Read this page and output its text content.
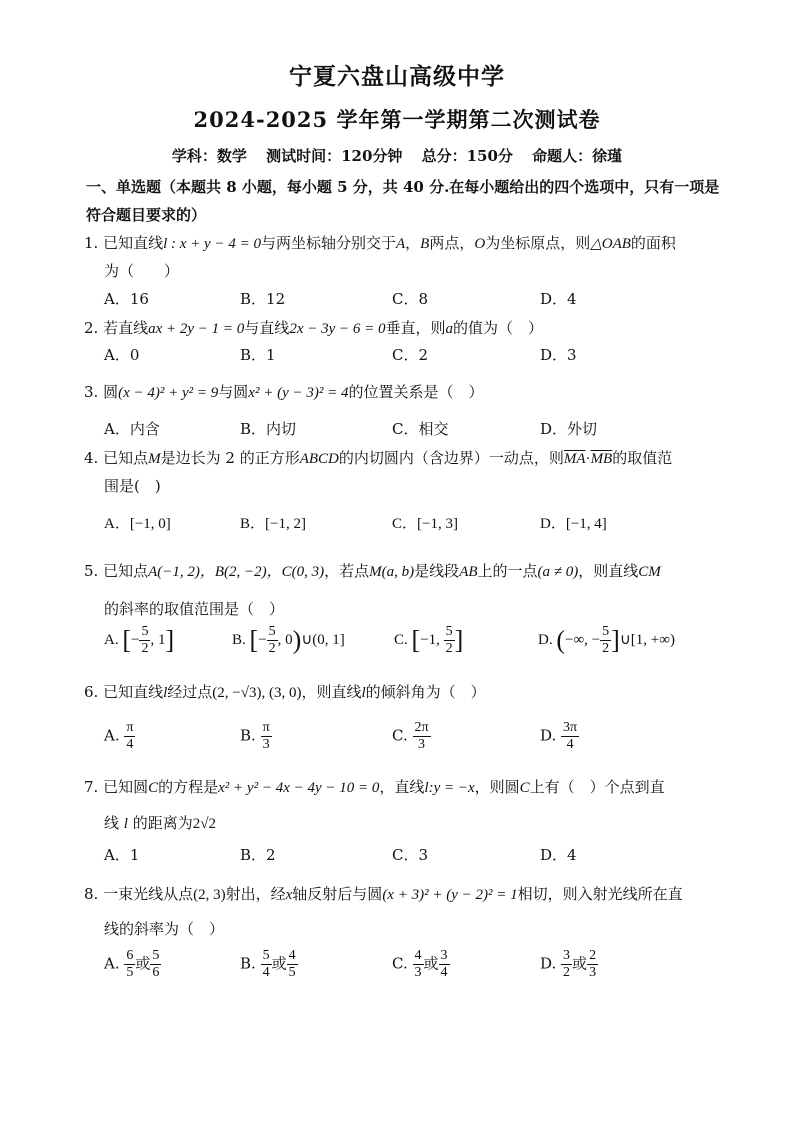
宁夏六盘山高级中学
2024-2025 学年第一学期第二次测试卷
学科：数学 测试时间：120分钟 总分：150分 命题人：徐瑾
一、单选题（本题共 8 小题，每小题 5 分，共 40 分.在每小题给出的四个选项中，只有一项是符合题目要求的）
1. 已知直线l : x + y − 4 = 0与两坐标轴分别交于A，B两点，O为坐标原点，则△OAB的面积
为（　　）
A．16	B．12	C．8	D．4
2. 若直线ax + 2y − 1 = 0与直线2x − 3y − 6 = 0垂直，则a的值为（　）
A．0	B．1	C．2	D．3
3. 圆(x − 4)² + y² = 9与圆x² + (y − 3)² = 4的位置关系是（　）
A．内含	B．内切	C．相交	D．外切
4. 已知点M是边长为 2 的正方形ABCD的内切圆内（含边界）一动点，则$\overline{MA}\cdot\overline{MB}$的取值范
围是(　)
A．[−1, 0]	B．[−1, 2]	C．[−1, 3]	D．[−1, 4]
5. 已知点A(−1, 2)，B(2, −2)，C(0, 3)，若点M(a, b)是线段AB上的一点(a ≠ 0)，则直线CM
的斜率的取值范围是（　）
A. [− $\frac{5}{2}$ , 1]	B. [− $\frac{5}{2}$ , 0)∪(0, 1]	C. [−1, $\frac{5}{2}$ ]	D. (−∞, − $\frac{5}{2}$ ]∪[1, +∞)
6. 已知直线l经过点(2, −√3), (3, 0)，则直线l的倾斜角为（　）
A. $\frac{\pi}{4}$	B. $\frac{\pi}{3}$	C. $\frac{2\pi}{3}$	D. $\frac{3\pi}{4}$
7. 已知圆C的方程是x² + y² − 4x − 4y − 10 = 0，直线l:y = −x，则圆C上有（　）个点到直
线 l 的距离为2√2
A．1	B．2	C．3	D．4
8. 一束光线从点(2, 3)射出，经x轴反射后与圆(x + 3)² + (y − 2)² = 1相切，则入射光线所在直
线的斜率为（　）
A. $\frac{6}{5}$ 或 $\frac{5}{6}$	B. $\frac{5}{4}$ 或 $\frac{4}{5}$	C. $\frac{4}{3}$ 或 $\frac{3}{4}$	D. $\frac{3}{2}$ 或 $\frac{2}{3}$
